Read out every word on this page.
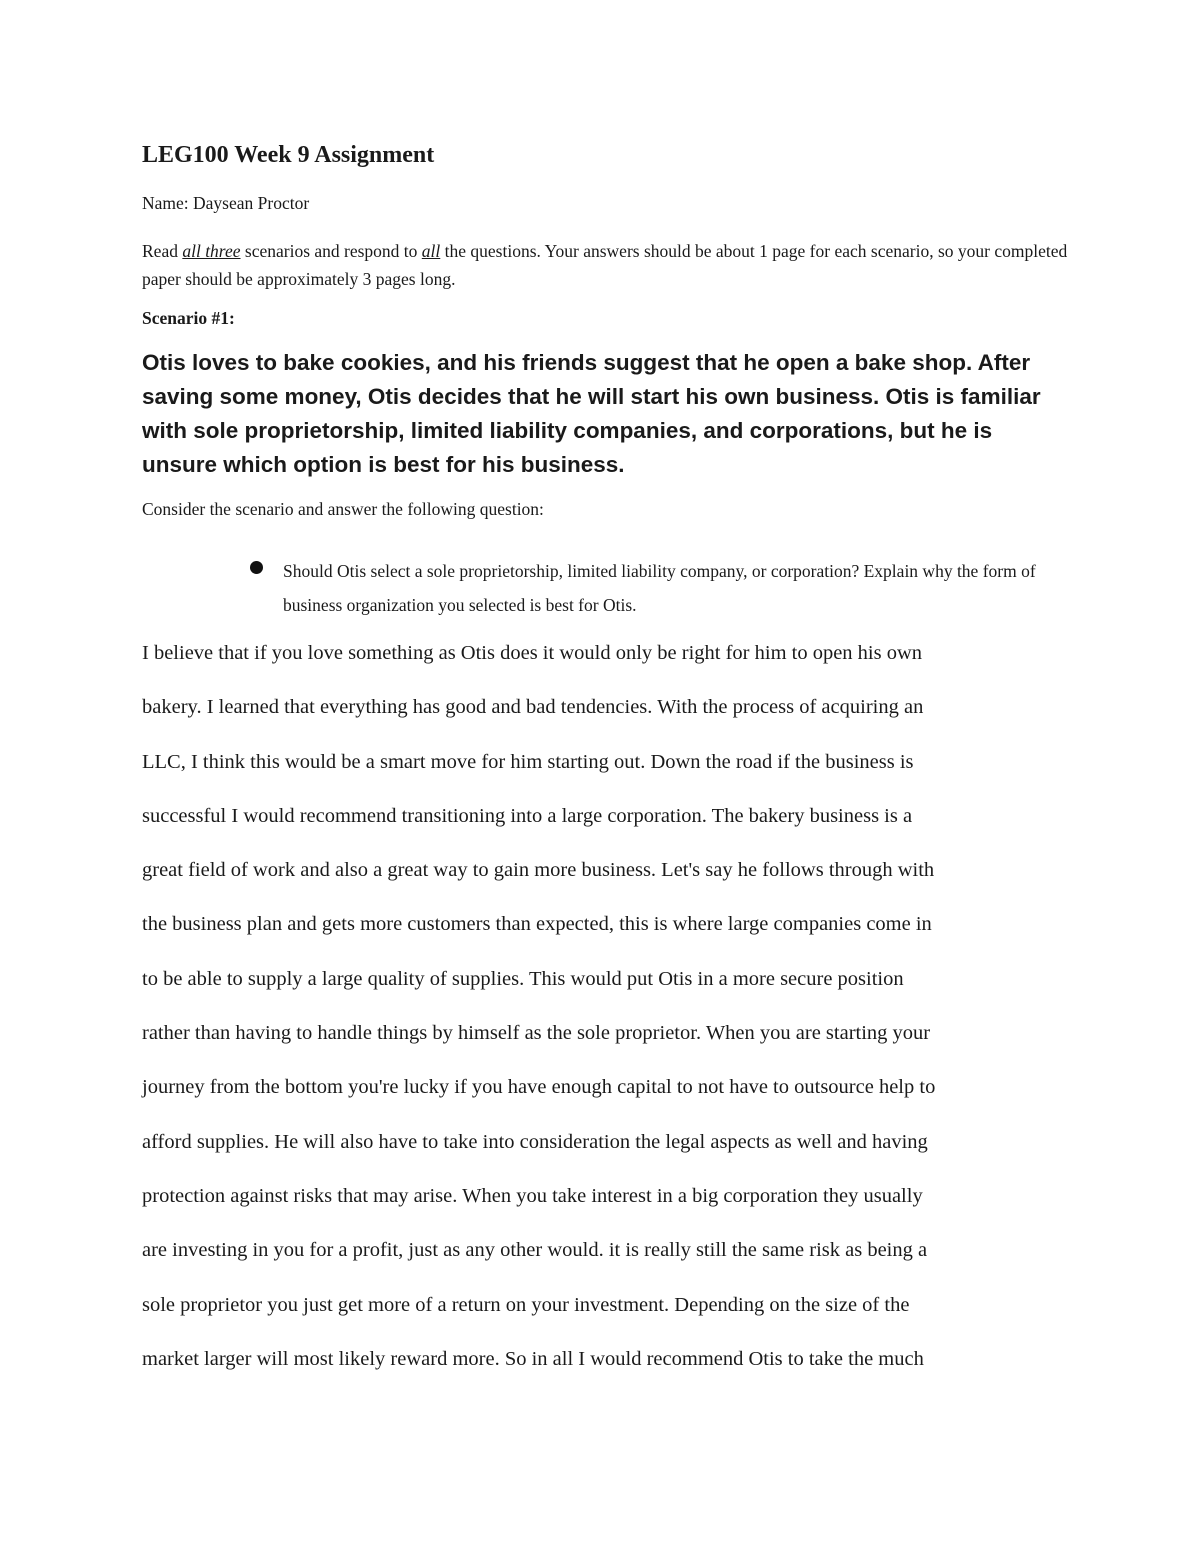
LEG100 Week 9 Assignment
Name: Daysean Proctor
Read all three scenarios and respond to all the questions. Your answers should be about 1 page for each scenario, so your completed paper should be approximately 3 pages long.
Scenario #1:
Otis loves to bake cookies, and his friends suggest that he open a bake shop. After saving some money, Otis decides that he will start his own business. Otis is familiar with sole proprietorship, limited liability companies, and corporations, but he is unsure which option is best for his business.
Consider the scenario and answer the following question:
Should Otis select a sole proprietorship, limited liability company, or corporation? Explain why the form of business organization you selected is best for Otis.
I believe that if you love something as Otis does it would only be right for him to open his own
bakery. I learned that everything has good and bad tendencies. With the process of acquiring an
LLC, I think this would be a smart move for him starting out. Down the road if the business is
successful I would recommend transitioning into a large corporation. The bakery business is a
great field of work and also a great way to gain more business. Let's say he follows through with
the business plan and gets more customers than expected, this is where large companies come in
to be able to supply a large quality of supplies. This would put Otis in a more secure position
rather than having to handle things by himself as the sole proprietor. When you are starting your
journey from the bottom you're lucky if you have enough capital to not have to outsource help to
afford supplies. He will also have to take into consideration the legal aspects as well and having
protection against risks that may arise. When you take interest in a big corporation they usually
are investing in you for a profit, just as any other would. it is really still the same risk as being a
sole proprietor you just get more of a return on your investment. Depending on the size of the
market larger will most likely reward more. So in all I would recommend Otis to take the much
